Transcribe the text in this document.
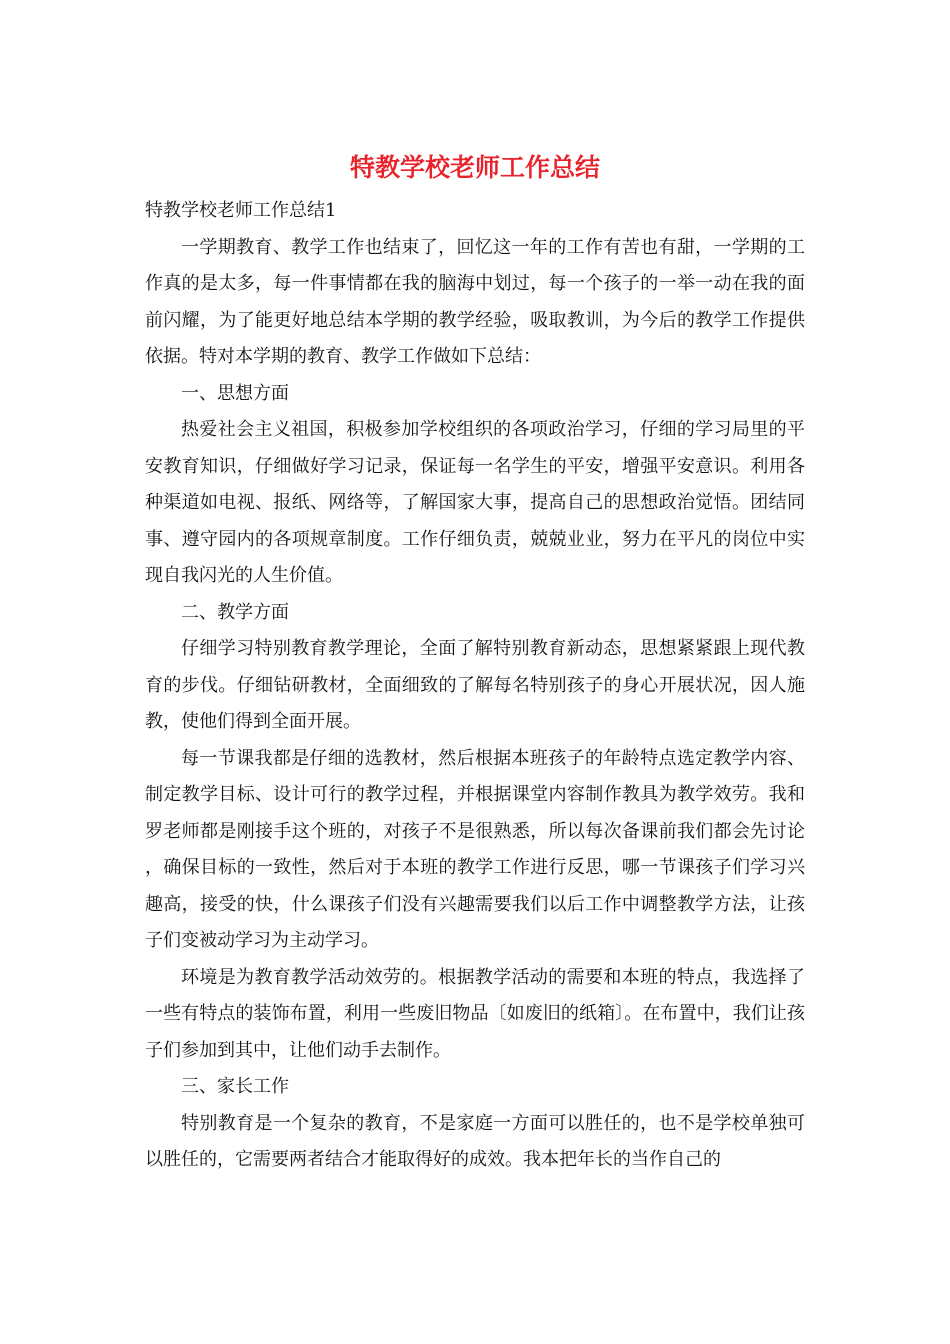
特教学校老师工作总结

特教学校老师工作总结1

一学期教育、教学工作也结束了，回忆这一年的工作有苦也有甜，一学期的工作真的是太多，每一件事情都在我的脑海中划过，每一个孩子的一举一动在我的面前闪耀，为了能更好地总结本学期的教学经验，吸取教训，为今后的教学工作提供依据。特对本学期的教育、教学工作做如下总结：

一、思想方面

热爱社会主义祖国，积极参加学校组织的各项政治学习，仔细的学习局里的平安教育知识，仔细做好学习记录，保证每一名学生的平安，增强平安意识。利用各种渠道如电视、报纸、网络等，了解国家大事，提高自己的思想政治觉悟。团结同事、遵守园内的各项规章制度。工作仔细负责，兢兢业业，努力在平凡的岗位中实现自我闪光的人生价值。

二、教学方面

仔细学习特别教育教学理论，全面了解特别教育新动态，思想紧紧跟上现代教育的步伐。仔细钻研教材，全面细致的了解每名特别孩子的身心开展状况，因人施教，使他们得到全面开展。

每一节课我都是仔细的选教材，然后根据本班孩子的年龄特点选定教学内容、制定教学目标、设计可行的教学过程，并根据课堂内容制作教具为教学效劳。我和罗老师都是刚接手这个班的，对孩子不是很熟悉，所以每次备课前我们都会先讨论，确保目标的一致性，然后对于本班的教学工作进行反思，哪一节课孩子们学习兴趣高，接受的快，什么课孩子们没有兴趣需要我们以后工作中调整教学方法，让孩子们变被动学习为主动学习。

环境是为教育教学活动效劳的。根据教学活动的需要和本班的特点，我选择了一些有特点的装饰布置，利用一些废旧物品〔如废旧的纸箱〕。在布置中，我们让孩子们参加到其中，让他们动手去制作。

三、家长工作

特别教育是一个复杂的教育，不是家庭一方面可以胜任的，也不是学校单独可以胜任的，它需要两者结合才能取得好的成效。我本把年长的当作自己的
